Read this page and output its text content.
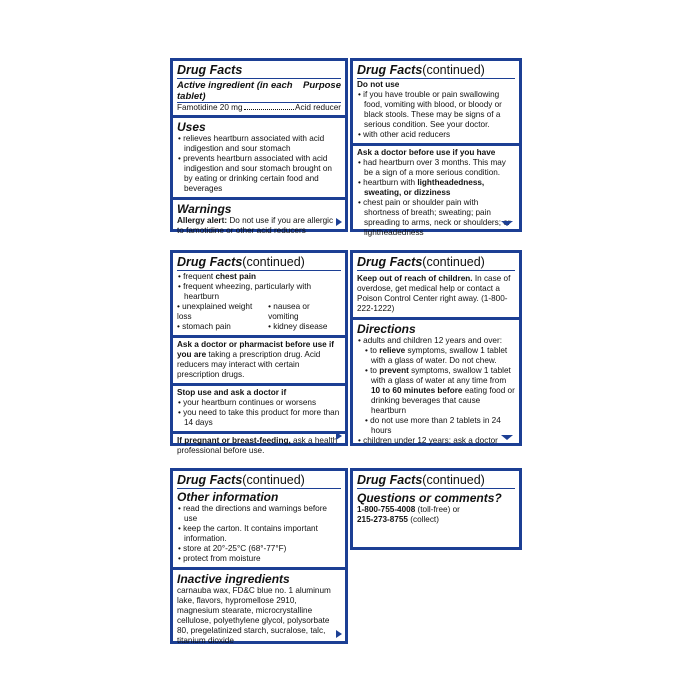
Drug Facts
Active ingredient (in each tablet)
Purpose
Famotidine 20 mg	Acid reducer
Uses
• relieves heartburn associated with acid indigestion and sour stomach
• prevents heartburn associated with acid indigestion and sour stomach brought on by eating or drinking certain food and beverages
Warnings
Allergy alert: Do not use if you are allergic to famotidine or other acid reducers
Drug Facts(continued)
Do not use
• if you have trouble or pain swallowing food, vomiting with blood, or bloody or black stools. These may be signs of a serious condition. See your doctor.
• with other acid reducers
Ask a doctor before use if you have
• had heartburn over 3 months. This may be a sign of a more serious condition.
• heartburn with lightheadedness, sweating, or dizziness
• chest pain or shoulder pain with shortness of breath; sweating; pain spreading to arms, neck or shoulders; or lightheadedness
Drug Facts(continued)
• frequent chest pain
• frequent wheezing, particularly with heartburn
• unexplained weight loss
• nausea or vomiting
• stomach pain	• kidney disease
Ask a doctor or pharmacist before use if you are taking a prescription drug. Acid reducers may interact with certain prescription drugs.
Stop use and ask a doctor if
• your heartburn continues or worsens
• you need to take this product for more than 14 days
If pregnant or breast-feeding, ask a health professional before use.
Drug Facts(continued)
Keep out of reach of children. In case of overdose, get medical help or contact a Poison Control Center right away. (1-800-222-1222)
Directions
• adults and children 12 years and over:
• to relieve symptoms, swallow 1 tablet with a glass of water. Do not chew.
• to prevent symptoms, swallow 1 tablet with a glass of water at any time from 10 to 60 minutes before eating food or drinking beverages that cause heartburn
• do not use more than 2 tablets in 24 hours
• children under 12 years: ask a doctor
Drug Facts(continued)
Other information
• read the directions and warnings before use
• keep the carton. It contains important information.
• store at 20°-25°C (68°-77°F)
• protect from moisture
Inactive ingredients
carnauba wax, FD&C blue no. 1 aluminum lake, flavors, hypromellose 2910, magnesium stearate, microcrystalline cellulose, polyethylene glycol, polysorbate 80, pregelatinized starch, sucralose, talc, titanium dioxide
Drug Facts(continued)
Questions or comments?
1-800-755-4008 (toll-free) or
215-273-8755 (collect)
